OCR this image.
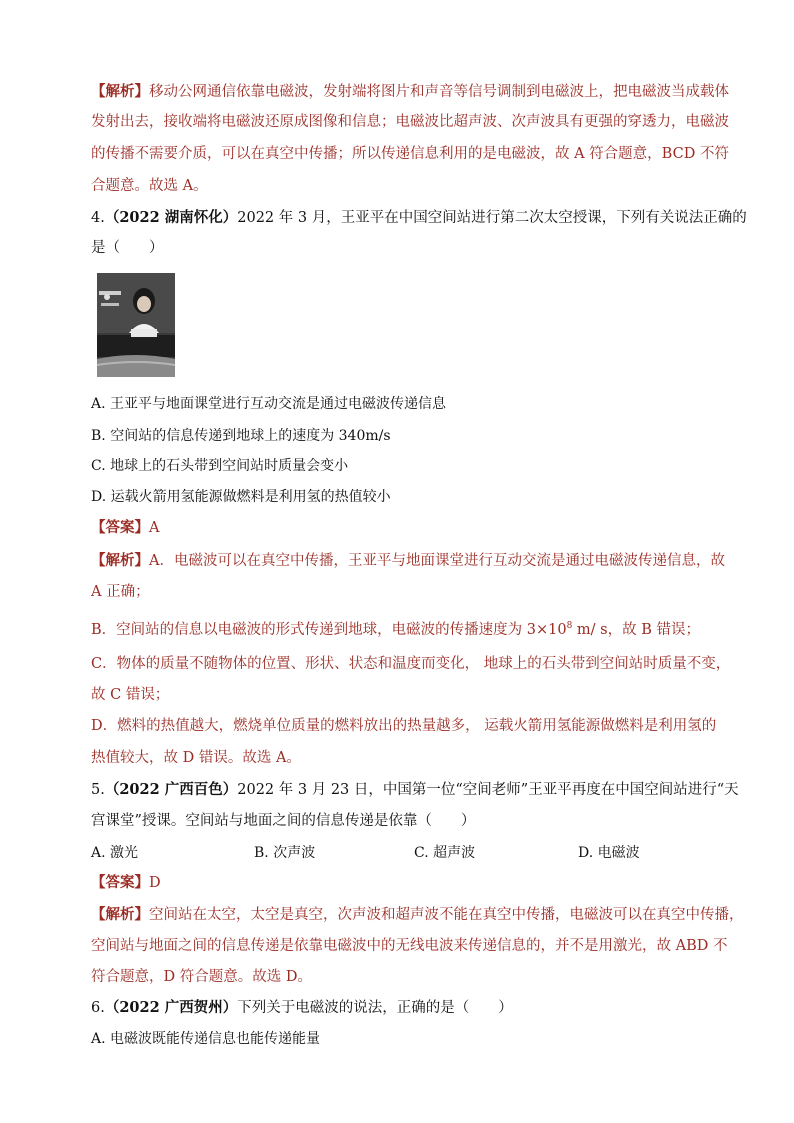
【解析】移动公网通信依靠电磁波，发射端将图片和声音等信号调制到电磁波上，把电磁波当成载体
发射出去，接收端将电磁波还原成图像和信息；电磁波比超声波、次声波具有更强的穿透力，电磁波
的传播不需要介质，可以在真空中传播；所以传递信息利用的是电磁波，故 A 符合题意，BCD 不符
合题意。故选 A。
4.（2022 湖南怀化）2022 年 3 月，王亚平在中国空间站进行第二次太空授课，下列有关说法正确的
是（　　）
A. 王亚平与地面课堂进行互动交流是通过电磁波传递信息
B. 空间站的信息传递到地球上的速度为 340m/s
C. 地球上的石头带到空间站时质量会变小
D. 运载火箭用氢能源做燃料是利用氢的热值较小
【答案】A
【解析】A．电磁波可以在真空中传播，王亚平与地面课堂进行互动交流是通过电磁波传递信息，故
A 正确；
B．空间站的信息以电磁波的形式传递到地球，电磁波的传播速度为 $3\times 10^8$ m/ s，故 B 错误；
C．物体的质量不随物体的位置、形状、状态和温度而变化， 地球上的石头带到空间站时质量不变，
故 C 错误；
D．燃料的热值越大，燃烧单位质量的燃料放出的热量越多， 运载火箭用氢能源做燃料是利用氢的
热值较大，故 D 错误。故选 A。
5.（2022 广西百色）2022 年 3 月 23 日，中国第一位“空间老师”王亚平再度在中国空间站进行“天
宫课堂”授课。空间站与地面之间的信息传递是依靠（　　）
A. 激光	B. 次声波	C. 超声波	D. 电磁波
【答案】D
【解析】空间站在太空，太空是真空，次声波和超声波不能在真空中传播，电磁波可以在真空中传播，
空间站与地面之间的信息传递是依靠电磁波中的无线电波来传递信息的，并不是用激光，故 ABD 不
符合题意，D 符合题意。故选 D。
6.（2022 广西贺州）下列关于电磁波的说法，正确的是（　　）
A. 电磁波既能传递信息也能传递能量
